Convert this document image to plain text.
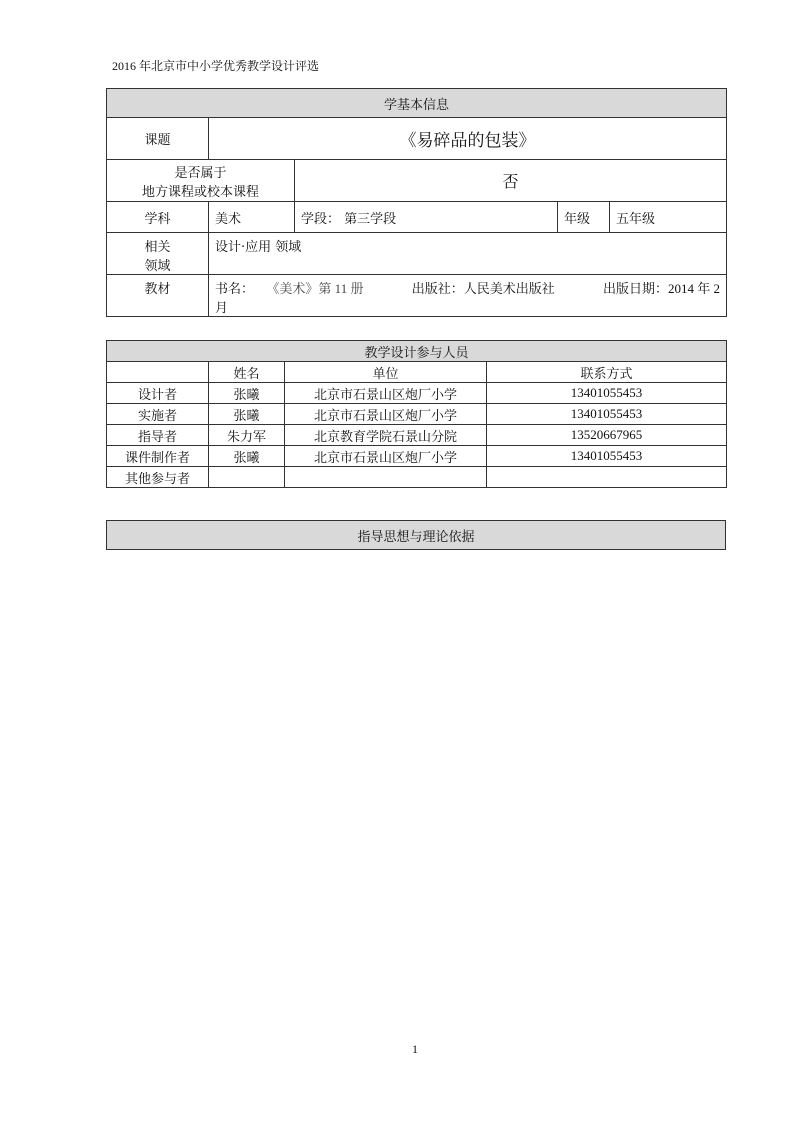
2016 年北京市中小学优秀教学设计评选
学基本信息				
课题	《易碎品的包装》			

是否属于
地方课程或校本课程		否		
学科	美术	学段： 第三学段	年级	五年级

相关
领域	设计·应用 领域			
教材	书名： 《美术》第 11 册 出版社：人民美术出版社 出版日期：2014 年 2
月			
教学设计参与人员			
	姓名	单位	联系方式
设计者	张曦	北京市石景山区炮厂小学	13401055453
实施者	张曦	北京市石景山区炮厂小学	13401055453
指导者	朱力军	北京教育学院石景山分院	13520667965
课件制作者	张曦	北京市石景山区炮厂小学	13401055453
其他参与者			
指导思想与理论依据
1
